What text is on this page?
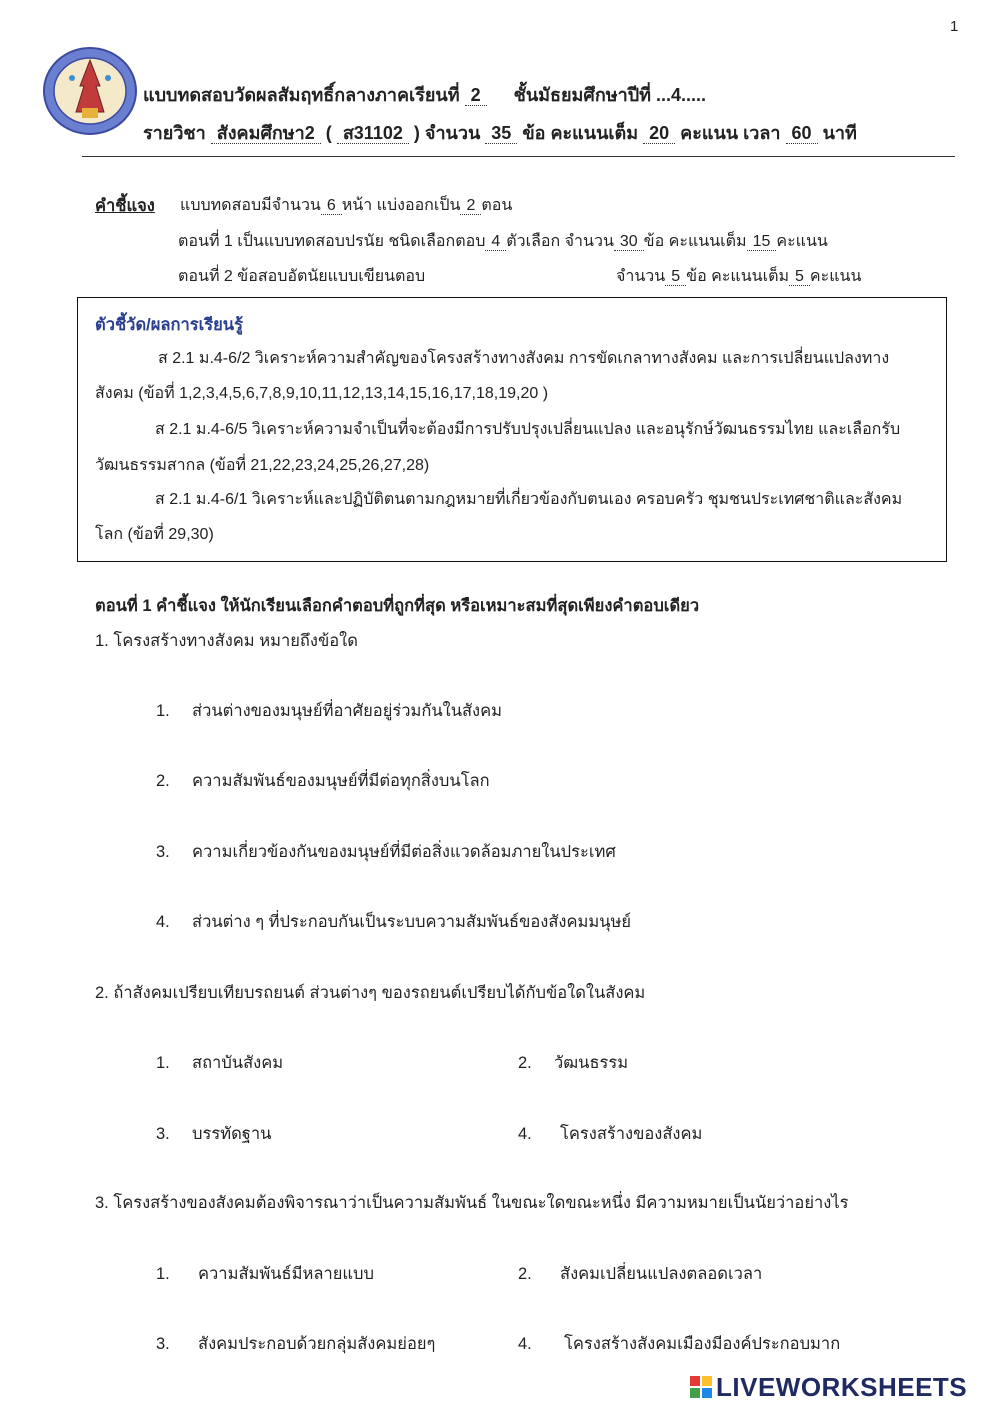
1
แบบทดสอบวัดผลสัมฤทธิ์กลางภาคเรียนที่ 2 ชั้นมัธยมศึกษาปีที่ ...4.....
รายวิชา สังคมศึกษา2 ( ส31102 ) จำนวน 35 ข้อ คะแนนเต็ม 20 คะแนน เวลา 60 นาที
คำชี้แจง แบบทดสอบมีจำนวน 6 หน้า แบ่งออกเป็น 2 ตอน
ตอนที่ 1 เป็นแบบทดสอบปรนัย ชนิดเลือกตอบ 4 ตัวเลือก จำนวน 30 ข้อ คะแนนเต็ม 15 คะแนน
ตอนที่ 2 ข้อสอบอัตนัยแบบเขียนตอบ	จำนวน 5 ข้อ คะแนนเต็ม 5 คะแนน
ตัวชี้วัด/ผลการเรียนรู้
ส 2.1 ม.4-6/2 วิเคราะห์ความสำคัญของโครงสร้างทางสังคม การขัดเกลาทางสังคม และการเปลี่ยนแปลงทาง
สังคม (ข้อที่ 1,2,3,4,5,6,7,8,9,10,11,12,13,14,15,16,17,18,19,20 )
ส 2.1 ม.4-6/5 วิเคราะห์ความจำเป็นที่จะต้องมีการปรับปรุงเปลี่ยนแปลง และอนุรักษ์วัฒนธรรมไทย และเลือกรับ
วัฒนธรรมสากล (ข้อที่ 21,22,23,24,25,26,27,28)
ส 2.1 ม.4-6/1 วิเคราะห์และปฏิบัติตนตามกฎหมายที่เกี่ยวข้องกับตนเอง ครอบครัว ชุมชนประเทศชาติและสังคม
โลก (ข้อที่ 29,30)
ตอนที่ 1 คำชี้แจง ให้นักเรียนเลือกคำตอบที่ถูกที่สุด หรือเหมาะสมที่สุดเพียงคำตอบเดียว
1. โครงสร้างทางสังคม หมายถึงข้อใด
1. ส่วนต่างของมนุษย์ที่อาศัยอยู่ร่วมกันในสังคม
2. ความสัมพันธ์ของมนุษย์ที่มีต่อทุกสิ่งบนโลก
3. ความเกี่ยวข้องกันของมนุษย์ที่มีต่อสิ่งแวดล้อมภายในประเทศ
4. ส่วนต่าง ๆ ที่ประกอบกันเป็นระบบความสัมพันธ์ของสังคมมนุษย์
2. ถ้าสังคมเปรียบเทียบรถยนต์ ส่วนต่างๆ ของรถยนต์เปรียบได้กับข้อใดในสังคม
1. สถาบันสังคม	2. วัฒนธรรม
3. บรรทัดฐาน	4. โครงสร้างของสังคม
3. โครงสร้างของสังคมต้องพิจารณาว่าเป็นความสัมพันธ์ ในขณะใดขณะหนึ่ง มีความหมายเป็นนัยว่าอย่างไร
1. ความสัมพันธ์มีหลายแบบ	2. สังคมเปลี่ยนแปลงตลอดเวลา
3. สังคมประกอบด้วยกลุ่มสังคมย่อยๆ	4. โครงสร้างสังคมเมืองมีองค์ประกอบมาก
LIVEWORKSHEETS
